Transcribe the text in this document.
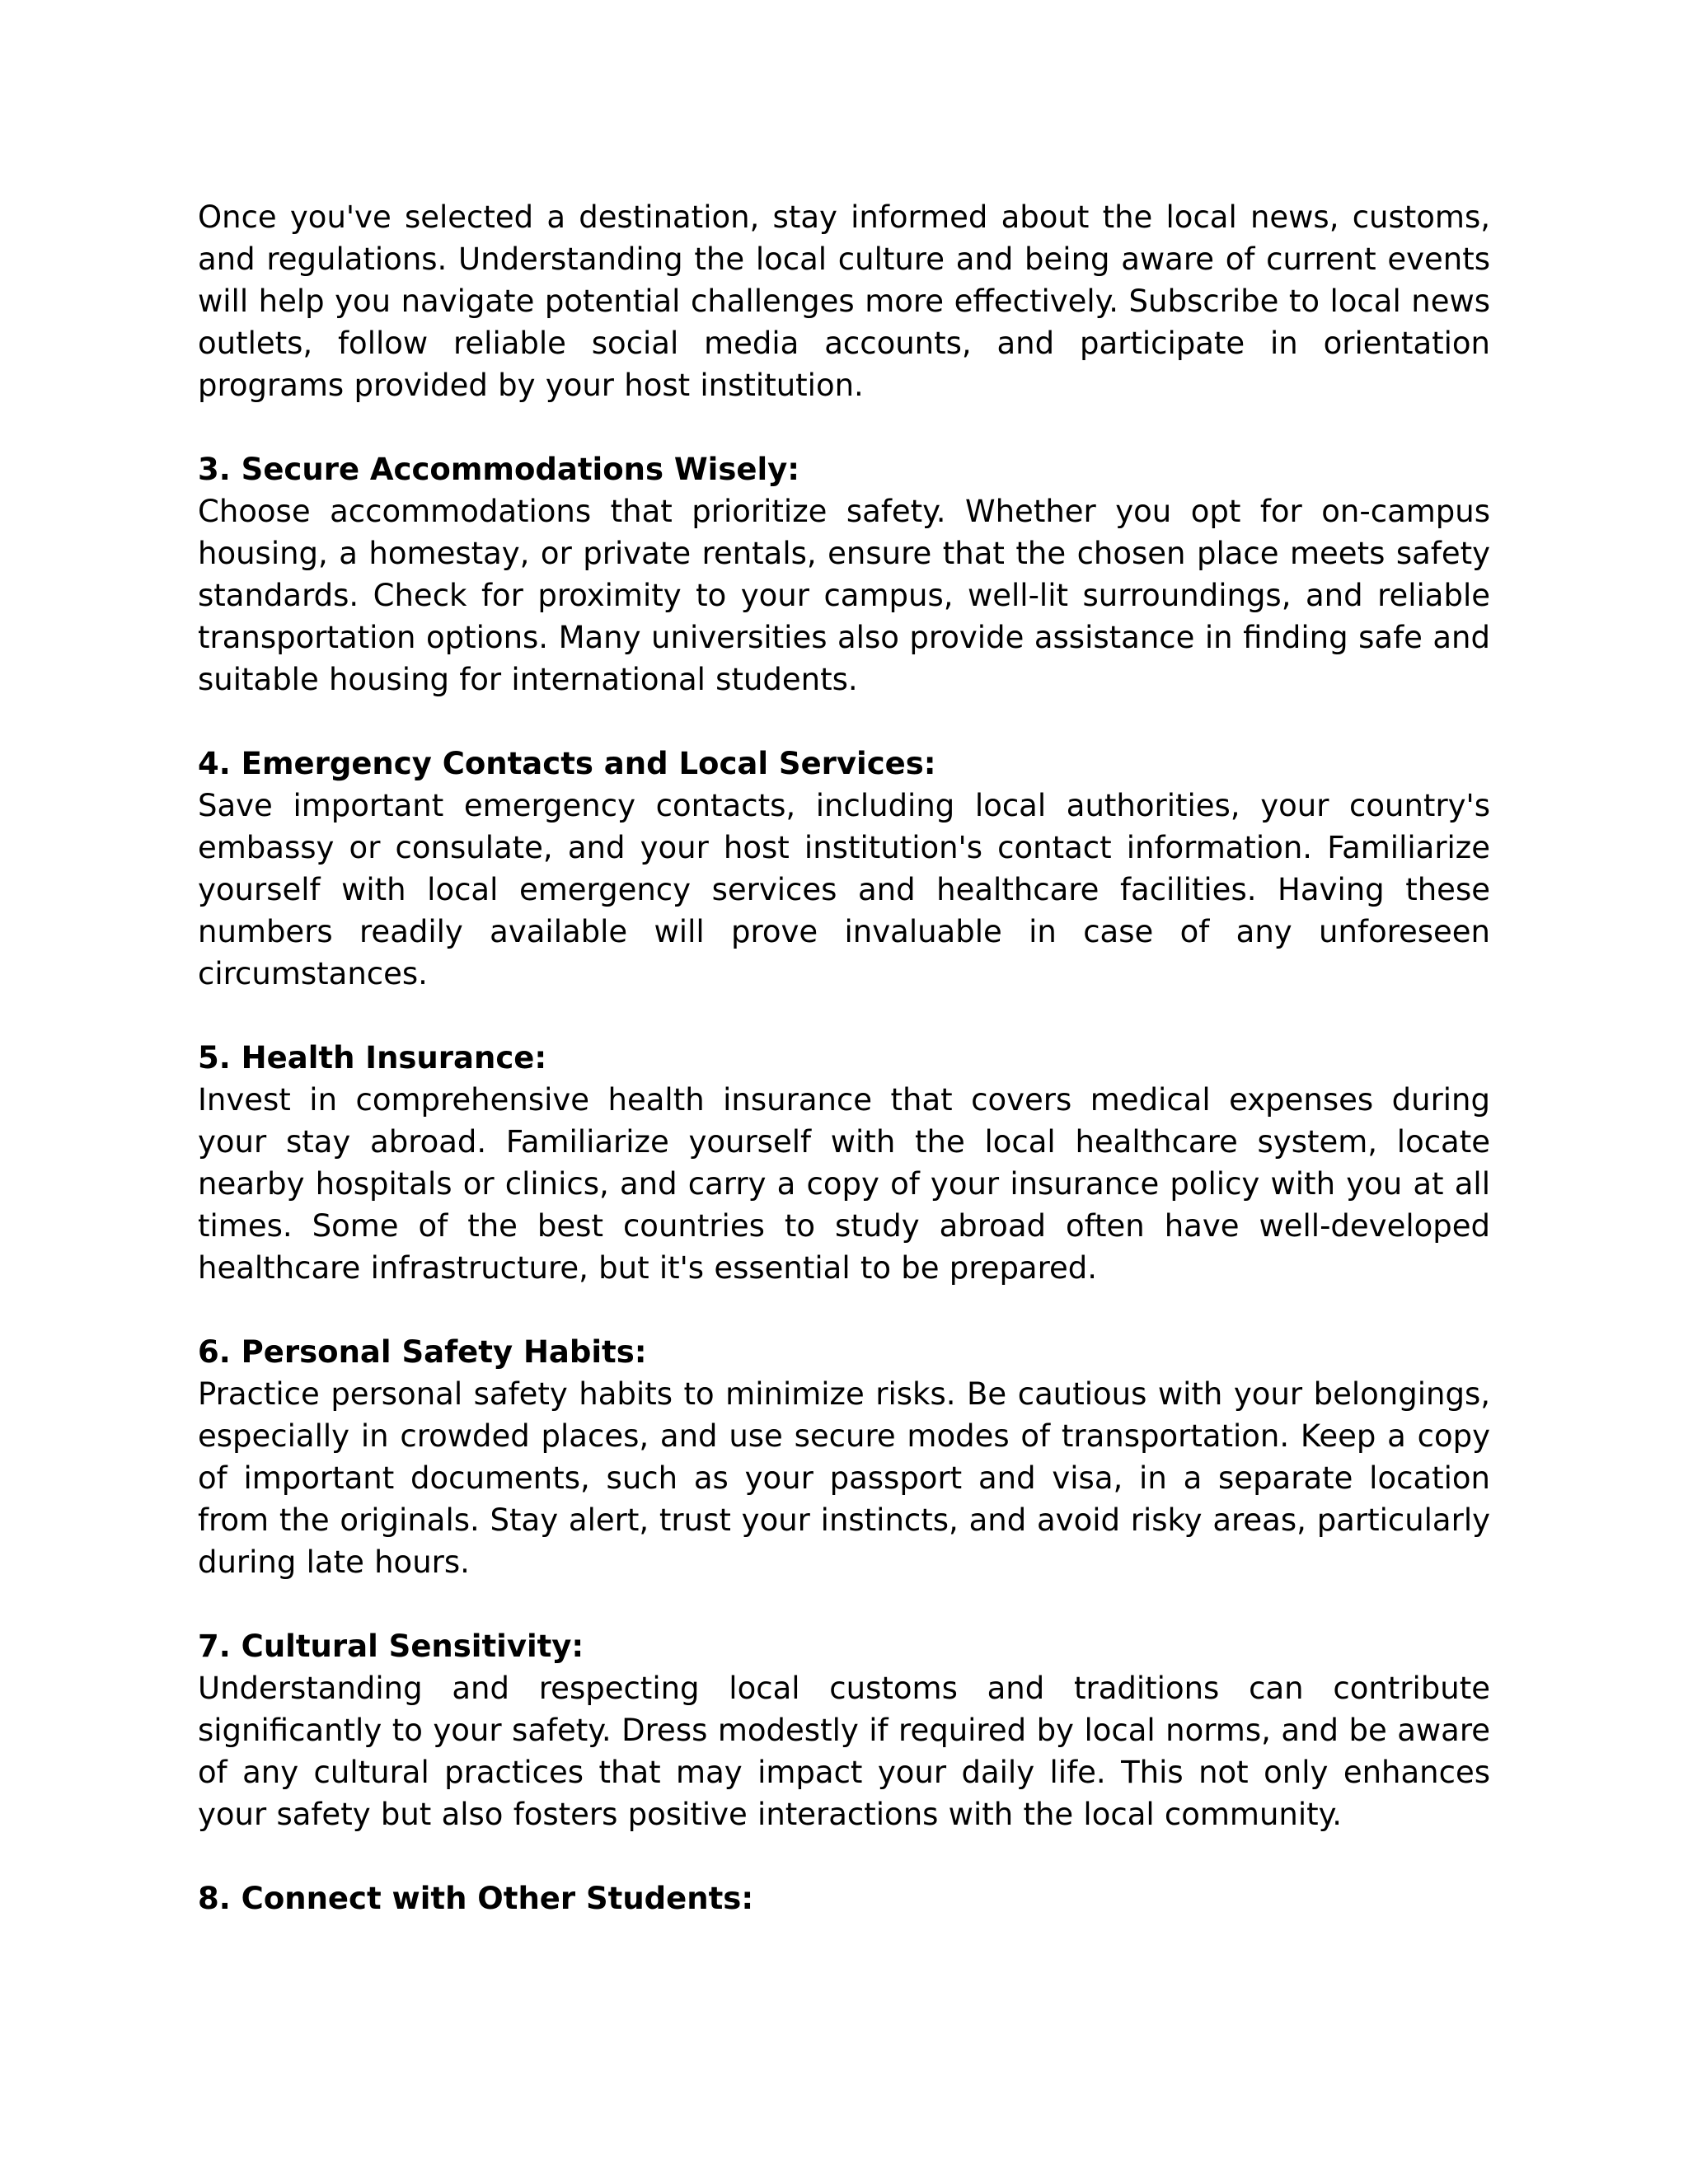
Once you've selected a destination, stay informed about the local news, customs, and regulations. Understanding the local culture and being aware of current events will help you navigate potential challenges more effectively. Subscribe to local news outlets, follow reliable social media accounts, and participate in orientation programs provided by your host institution.

3. Secure Accommodations Wisely:

Choose accommodations that prioritize safety. Whether you opt for on-campus housing, a homestay, or private rentals, ensure that the chosen place meets safety standards. Check for proximity to your campus, well-lit surroundings, and reliable transportation options. Many universities also provide assistance in finding safe and suitable housing for international students.

4. Emergency Contacts and Local Services:

Save important emergency contacts, including local authorities, your country's embassy or consulate, and your host institution's contact information. Familiarize yourself with local emergency services and healthcare facilities. Having these numbers readily available will prove invaluable in case of any unforeseen circumstances.

5. Health Insurance:

Invest in comprehensive health insurance that covers medical expenses during your stay abroad. Familiarize yourself with the local healthcare system, locate nearby hospitals or clinics, and carry a copy of your insurance policy with you at all times. Some of the best countries to study abroad often have well-developed healthcare infrastructure, but it's essential to be prepared.

6. Personal Safety Habits:

Practice personal safety habits to minimize risks. Be cautious with your belongings, especially in crowded places, and use secure modes of transportation. Keep a copy of important documents, such as your passport and visa, in a separate location from the originals. Stay alert, trust your instincts, and avoid risky areas, particularly during late hours.

7. Cultural Sensitivity:

Understanding and respecting local customs and traditions can contribute significantly to your safety. Dress modestly if required by local norms, and be aware of any cultural practices that may impact your daily life. This not only enhances your safety but also fosters positive interactions with the local community.

8. Connect with Other Students:
